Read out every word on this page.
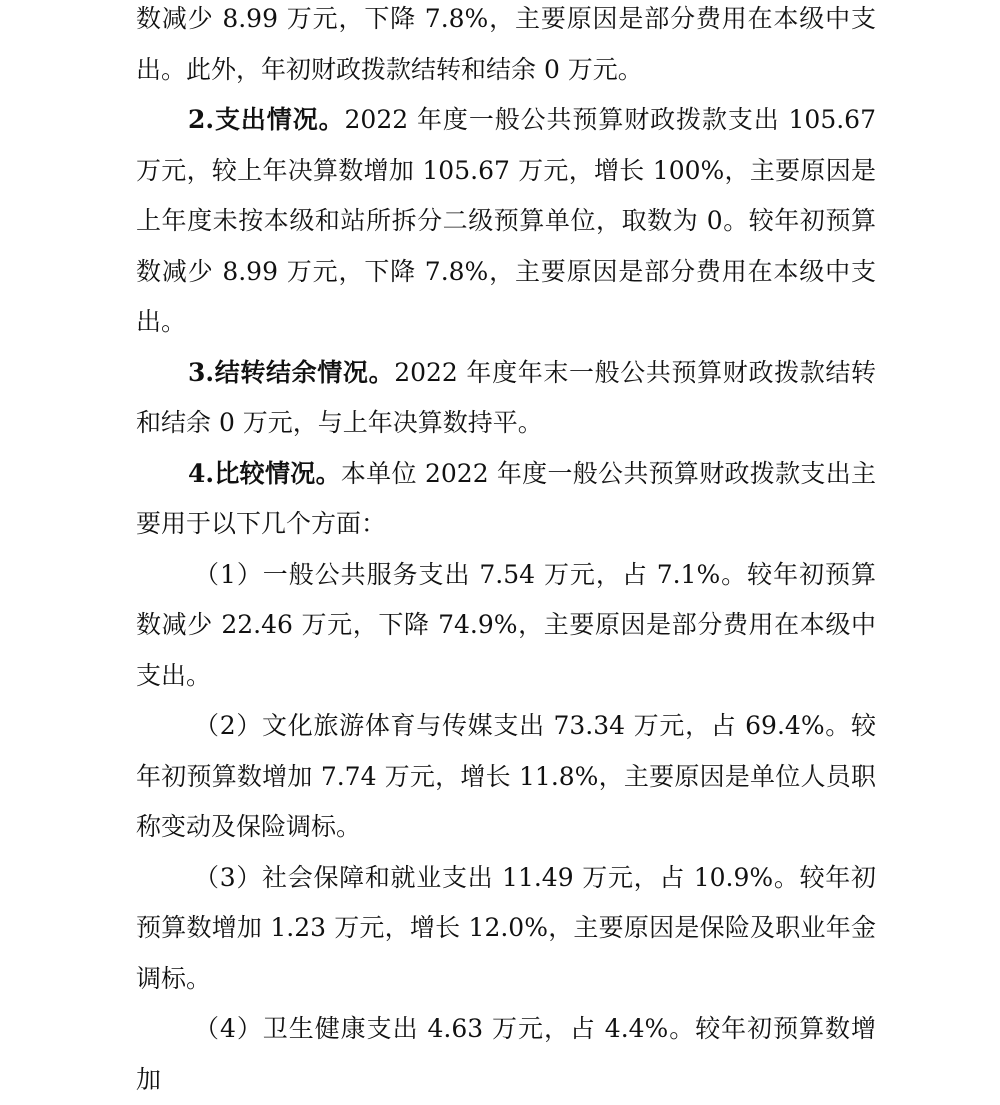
数减少 8.99 万元，下降 7.8%，主要原因是部分费用在本级中支出。此外，年初财政拨款结转和结余 0 万元。

2.支出情况。2022 年度一般公共预算财政拨款支出 105.67 万元，较上年决算数增加 105.67 万元，增长 100%，主要原因是上年度未按本级和站所拆分二级预算单位，取数为 0。较年初预算数减少 8.99 万元，下降 7.8%，主要原因是部分费用在本级中支出。

3.结转结余情况。2022 年度年末一般公共预算财政拨款结转和结余 0 万元，与上年决算数持平。

4.比较情况。本单位 2022 年度一般公共预算财政拨款支出主要用于以下几个方面：

（1）一般公共服务支出 7.54 万元，占 7.1%。较年初预算数减少 22.46 万元，下降 74.9%，主要原因是部分费用在本级中支出。

（2）文化旅游体育与传媒支出 73.34 万元，占 69.4%。较年初预算数增加 7.74 万元，增长 11.8%，主要原因是单位人员职称变动及保险调标。

（3）社会保障和就业支出 11.49 万元，占 10.9%。较年初预算数增加 1.23 万元，增长 12.0%，主要原因是保险及职业年金调标。

（4）卫生健康支出 4.63 万元，占 4.4%。较年初预算数增加
